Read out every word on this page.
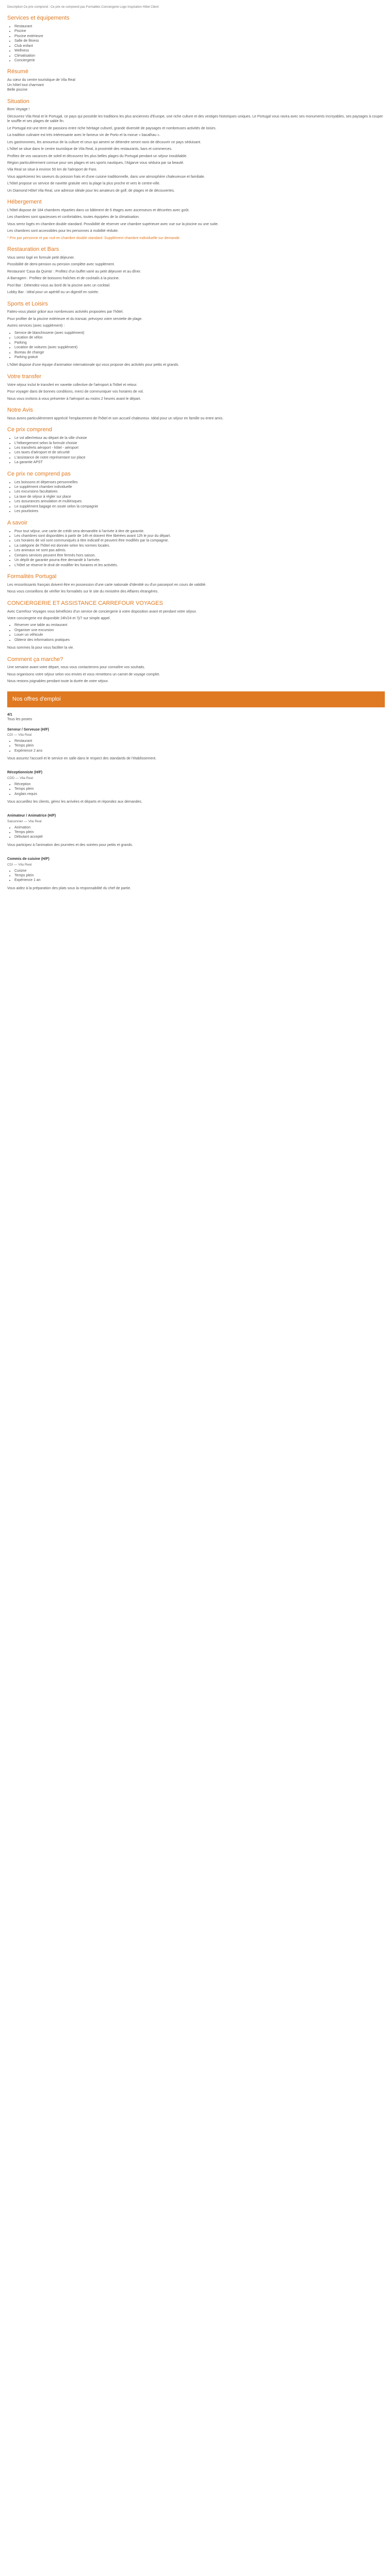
Description Ce prix comprend : Ce prix ne comprend pas Formalités Conciergerie Logo Inspiration Hôtel Client
Services et équipements
• Restaurant
• Piscine
• Piscine extérieure
• Salle de fitness
• Club enfant
• Wellness
• Climatisation
• Conciergerie
Résumé
Au cœur du centre touristique de Vila Real
Un hôtel tout charmant
Belle piscine
Situation

Bom Voyage !

Découvrez Vila Real et le Portugal, ce pays qui possède les traditions les plus anciennes d'Europe, une riche culture et des vestiges historiques uniques. Le Portugal vous ravira avec ses monuments incroyables, ses paysages à couper le souffle et ses plages de sable fin.

Le Portugal est une terre de passions entre riche héritage culturel, grande diversité de paysages et nombreuses activités de loisirs.

La tradition culinaire est très intéressante avec le fameux vin de Porto et la morue « bacalhau ».

Les gastronomes, les amoureux de la culture et ceux qui aiment se détendre seront ravis de découvrir ce pays séduisant.

L'hôtel se situe dans le centre touristique de Vila Real, à proximité des restaurants, bars et commerces.

Profitez de vos vacances de soleil et découvrez les plus belles plages du Portugal pendant un séjour inoubliable.

Région particulièrement connue pour ses plages et ses sports nautiques, l'Algarve vous séduira par sa beauté.

Vila Real se situe à environ 50 km de l'aéroport de Faro.

Vous apprécierez les saveurs du poisson frais et d'une cuisine traditionnelle, dans une atmosphère chaleureuse et familiale.

L'hôtel propose un service de navette gratuite vers la plage la plus proche et vers le centre-ville.

Un Diamond Hôtel Vila Real, une adresse idéale pour les amateurs de golf, de plages et de découvertes.

Hébergement

L'hôtel dispose de 184 chambres réparties dans un bâtiment de 6 étages avec ascenseurs et décorées avec goût.

Les chambres sont spacieuses et confortables, toutes équipées de la climatisation.

Vous serez logés en chambre double standard. Possibilité de réserver une chambre supérieure avec vue sur la piscine ou une suite.

Les chambres sont accessibles pour les personnes à mobilité réduite.

* Prix par personne et par nuit en chambre double standard. Supplément chambre individuelle sur demande.

Restauration et Bars

Vous serez logé en formule petit déjeuner.

Possibilité de demi-pension ou pension complète avec supplément.

Restaurant 'Casa da Quinta' : Profitez d'un buffet varié au petit déjeuner et au dîner.

A Barragem : Profitez de boissons fraîches et de cocktails à la piscine.

Pool Bar : Détendez-vous au bord de la piscine avec un cocktail.

Lobby Bar : Idéal pour un apéritif ou un digestif en soirée.

Sports et Loisirs

Faites-vous plaisir grâce aux nombreuses activités proposées par l'hôtel.

Pour profiter de la piscine extérieure et du transat, prévoyez votre serviette de plage.

Autres services (avec supplément) :

• Service de blanchisserie (avec supplément)
• Location de vélos
• Parking
• Location de voitures (avec supplément)
• Bureau de change
• Parking gratuit

L'hôtel dispose d'une équipe d'animation internationale qui vous propose des activités pour petits et grands.

Votre transfer

Votre séjour inclut le transfert en navette collective de l'aéroport à l'hôtel et retour.

Pour voyager dans de bonnes conditions, merci de communiquer vos horaires de vol.

Nous vous invitons à vous présenter à l'aéroport au moins 2 heures avant le départ.

Notre Avis

Nous avons particulièrement apprécié l'emplacement de l'hôtel et son accueil chaleureux. Idéal pour un séjour en famille ou entre amis.

Ce prix comprend
• Le vol aller/retour au départ de la ville choisie
• L'hébergement selon la formule choisie
• Les transferts aéroport - hôtel - aéroport
• Les taxes d'aéroport et de sécurité
• L'assistance de notre représentant sur place
• La garantie APST
Ce prix ne comprend pas
• Les boissons et dépenses personnelles
• Le supplément chambre individuelle
• Les excursions facultatives
• La taxe de séjour à régler sur place
• Les assurances annulation et multirisques
• Le supplément bagage en soute selon la compagnie
• Les pourboires
A savoir
• Pour tout séjour, une carte de crédit sera demandée à l'arrivée à titre de garantie.
• Les chambres sont disponibles à partir de 14h et doivent être libérées avant 12h le jour du départ.
• Les horaires de vol sont communiqués à titre indicatif et peuvent être modifiés par la compagnie.
• La catégorie de l'hôtel est donnée selon les normes locales.
• Les animaux ne sont pas admis.
• Certains services peuvent être fermés hors saison.
• Un dépôt de garantie pourra être demandé à l'arrivée.
• L'hôtel se réserve le droit de modifier les horaires et les activités.
Formalités Portugal

Les ressortissants français doivent être en possession d'une carte nationale d'identité ou d'un passeport en cours de validité.

Nous vous conseillons de vérifier les formalités sur le site du ministère des Affaires étrangères.

CONCIERGERIE ET ASSISTANCE CARREFOUR VOYAGES

Avec Carrefour Voyages vous bénéficiez d'un service de conciergerie à votre disposition avant et pendant votre séjour.

Votre conciergerie est disponible 24h/24 et 7j/7 sur simple appel.

• Réserver une table au restaurant
• Organiser une excursion
• Louer un véhicule
• Obtenir des informations pratiques

Nous sommes là pour vous faciliter la vie.

Comment ça marche?

Une semaine avant votre départ, nous vous contacterons pour connaître vos souhaits.

Nous organisons votre séjour selon vos envies et vous remettons un carnet de voyage complet.

Nous restons joignables pendant toute la durée de votre séjour.

Nos offres d'emploi
4/1
Tous les postes
Serveur / Serveuse (H/F)
CDI — Vila Real
• Restaurant
• Temps plein
• Expérience 2 ans

Vous assurez l'accueil et le service en salle dans le respect des standards de l'établissement.

Réceptionniste (H/F)
CDD — Vila Real
• Réception
• Temps plein
• Anglais requis

Vous accueillez les clients, gérez les arrivées et départs et répondez aux demandes.

Animateur / Animatrice (H/F)
Saisonnier — Vila Real
• Animation
• Temps plein
• Débutant accepté

Vous participez à l'animation des journées et des soirées pour petits et grands.

Commis de cuisine (H/F)
CDI — Vila Real
• Cuisine
• Temps plein
• Expérience 1 an

Vous aidez à la préparation des plats sous la responsabilité du chef de partie.
